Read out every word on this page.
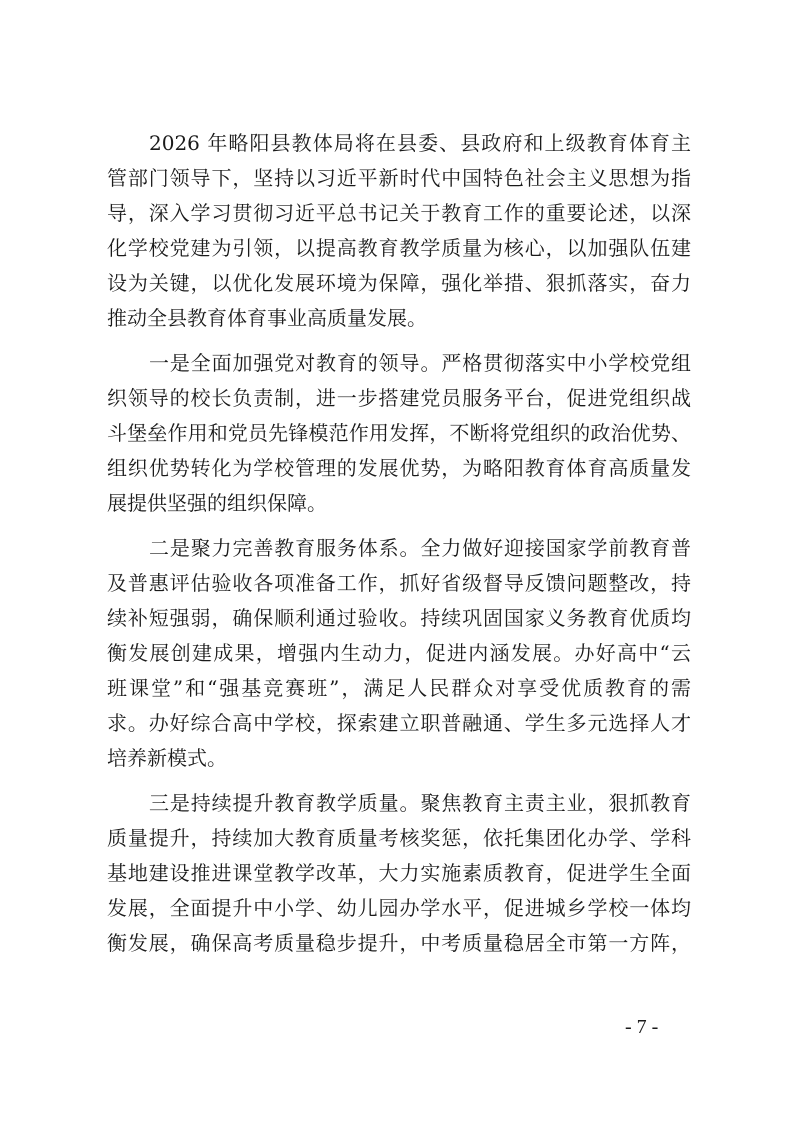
2026 年略阳县教体局将在县委、县政府和上级教育体育主
管部门领导下，坚持以习近平新时代中国特色社会主义思想为指
导，深入学习贯彻习近平总书记关于教育工作的重要论述，以深
化学校党建为引领，以提高教育教学质量为核心，以加强队伍建
设为关键，以优化发展环境为保障，强化举措、狠抓落实，奋力
推动全县教育体育事业高质量发展。
一是全面加强党对教育的领导。严格贯彻落实中小学校党组
织领导的校长负责制，进一步搭建党员服务平台，促进党组织战
斗堡垒作用和党员先锋模范作用发挥，不断将党组织的政治优势、
组织优势转化为学校管理的发展优势，为略阳教育体育高质量发
展提供坚强的组织保障。
二是聚力完善教育服务体系。全力做好迎接国家学前教育普
及普惠评估验收各项准备工作，抓好省级督导反馈问题整改，持
续补短强弱，确保顺利通过验收。持续巩固国家义务教育优质均
衡发展创建成果，增强内生动力，促进内涵发展。办好高中“云
班课堂”和“强基竞赛班”，满足人民群众对享受优质教育的需
求。办好综合高中学校，探索建立职普融通、学生多元选择人才
培养新模式。
三是持续提升教育教学质量。聚焦教育主责主业，狠抓教育
质量提升，持续加大教育质量考核奖惩，依托集团化办学、学科
基地建设推进课堂教学改革，大力实施素质教育，促进学生全面
发展，全面提升中小学、幼儿园办学水平，促进城乡学校一体均
衡发展，确保高考质量稳步提升，中考质量稳居全市第一方阵，
- 7 -
